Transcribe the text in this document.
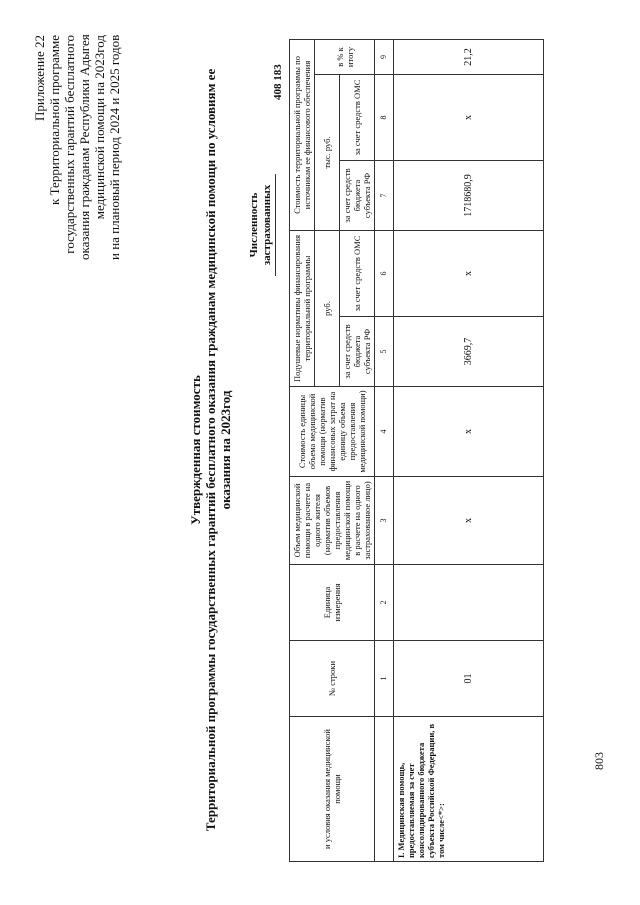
Приложение 22 к Территориальной программе государственных гарантий бесплатного оказания гражданам Республики Адыгея медицинской помощи на 2023год и на плановый период 2024 и 2025 годов
Утвержденная стоимость Территориальной программы государственных гарантий бесплатного оказания гражданам медицинской помощи по условиям ее оказания на 2023год
Численность застрахованных
408 183
и условия оказания медицинской помощи	№ строки	Единица измерения	Объем медицинской помощи в расчете на одного жителя (норматив объемов предоставления медицинской помощи в расчете на одного застрахованное лицо)	Стоимость единицы объема медицинской помощи (норматив финансовых затрат на единицу объема предоставления медицинской помощи)	Подушевые нормативы финансирования территориальной программы		Стоимость территориальной программы по источникам ее финансового обеспечения		
					руб.		тыс. руб.		в % к итогу
					за счет средств бюджета субъекта РФ	за счет средств ОМС	за счет средств бюджета субъекта РФ	за счет средств ОМС	
	1	2	3	4	5	6	7	8	9
I. Медицинская помощь, предоставляемая за счет консолидированного бюджета субъекта Российской Федерации, в том числе<*>:	01		х	х	3669,7	х	1718680,9	х	21,2
803
